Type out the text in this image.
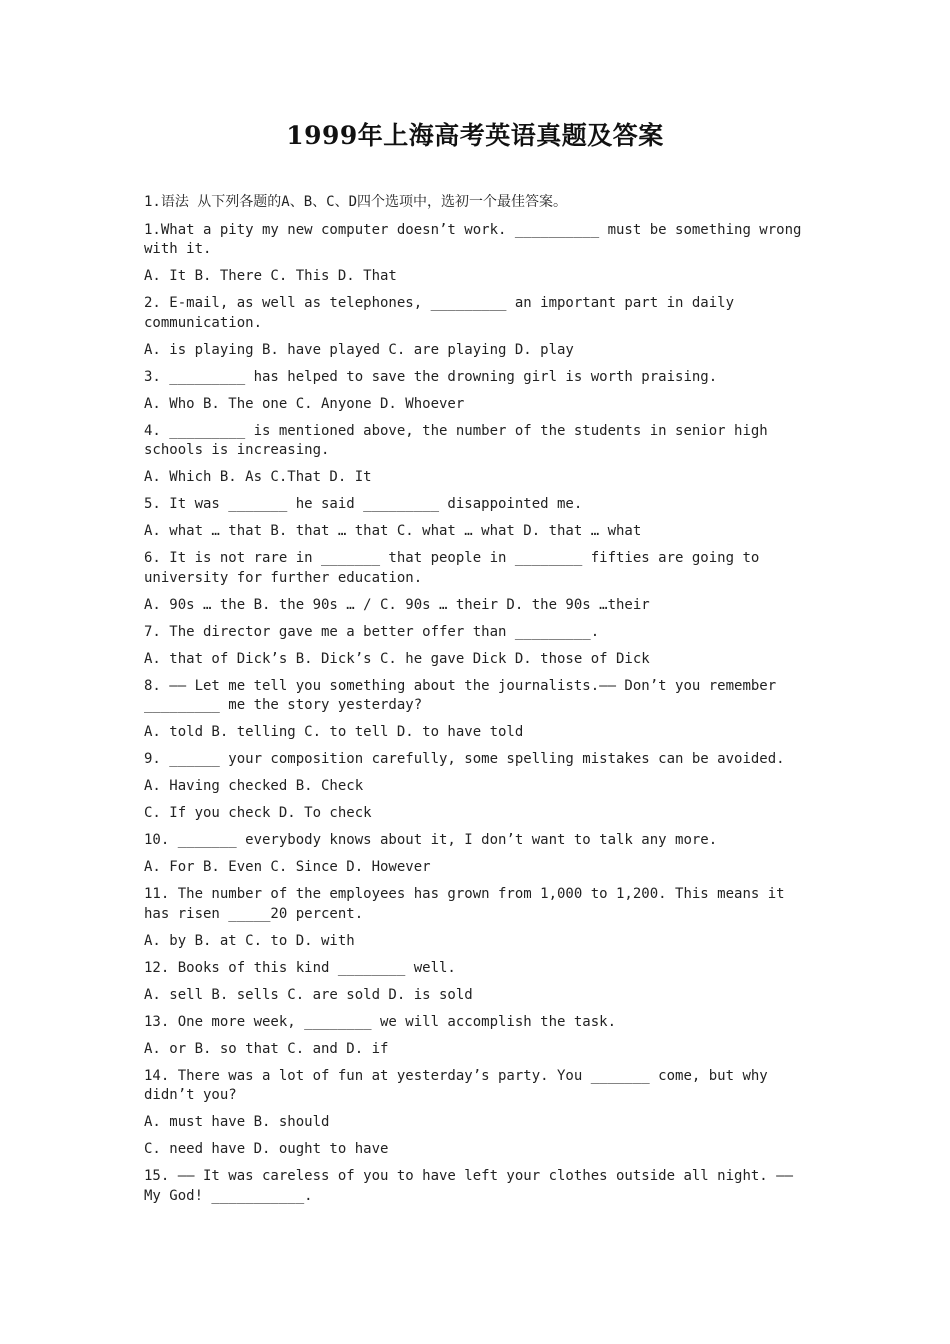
1999年上海高考英语真题及答案
1.语法 从下列各题的A、B、C、D四个选项中，选初一个最佳答案。
1.What a pity my new computer doesn’t work. __________ must be something wrong with it.
A. It B. There C. This D. That
2. E-mail, as well as telephones, _________ an important part in daily communication.
A. is playing B. have played C. are playing D. play
3. _________ has helped to save the drowning girl is worth praising.
A. Who B. The one C. Anyone D. Whoever
4. _________ is mentioned above, the number of the students in senior high schools is increasing.
A. Which B. As C.That D. It
5. It was _______ he said _________ disappointed me.
A. what … that B. that … that C. what … what D. that … what
6. It is not rare in _______ that people in ________ fifties are going to university for further education.
A. 90s … the B. the 90s … / C. 90s … their D. the 90s …their
7. The director gave me a better offer than _________.
A. that of Dick’s B. Dick’s C. he gave Dick D. those of Dick
8. —— Let me tell you something about the journalists.—— Don’t you remember _________ me the story yesterday?
A. told B. telling C. to tell D. to have told
9. ______ your composition carefully, some spelling mistakes can be avoided.
A. Having checked B. Check
C. If you check D. To check
10. _______ everybody knows about it, I don’t want to talk any more.
A. For B. Even C. Since D. However
11. The number of the employees has grown from 1,000 to 1,200. This means it has risen _____20 percent.
A. by B. at C. to D. with
12. Books of this kind ________ well.
A. sell B. sells C. are sold D. is sold
13. One more week, ________ we will accomplish the task.
A. or B. so that C. and D. if
14. There was a lot of fun at yesterday’s party. You _______ come, but why didn’t you?
A. must have B. should
C. need have D. ought to have
15. —— It was careless of you to have left your clothes outside all night. —— My God! ___________.
